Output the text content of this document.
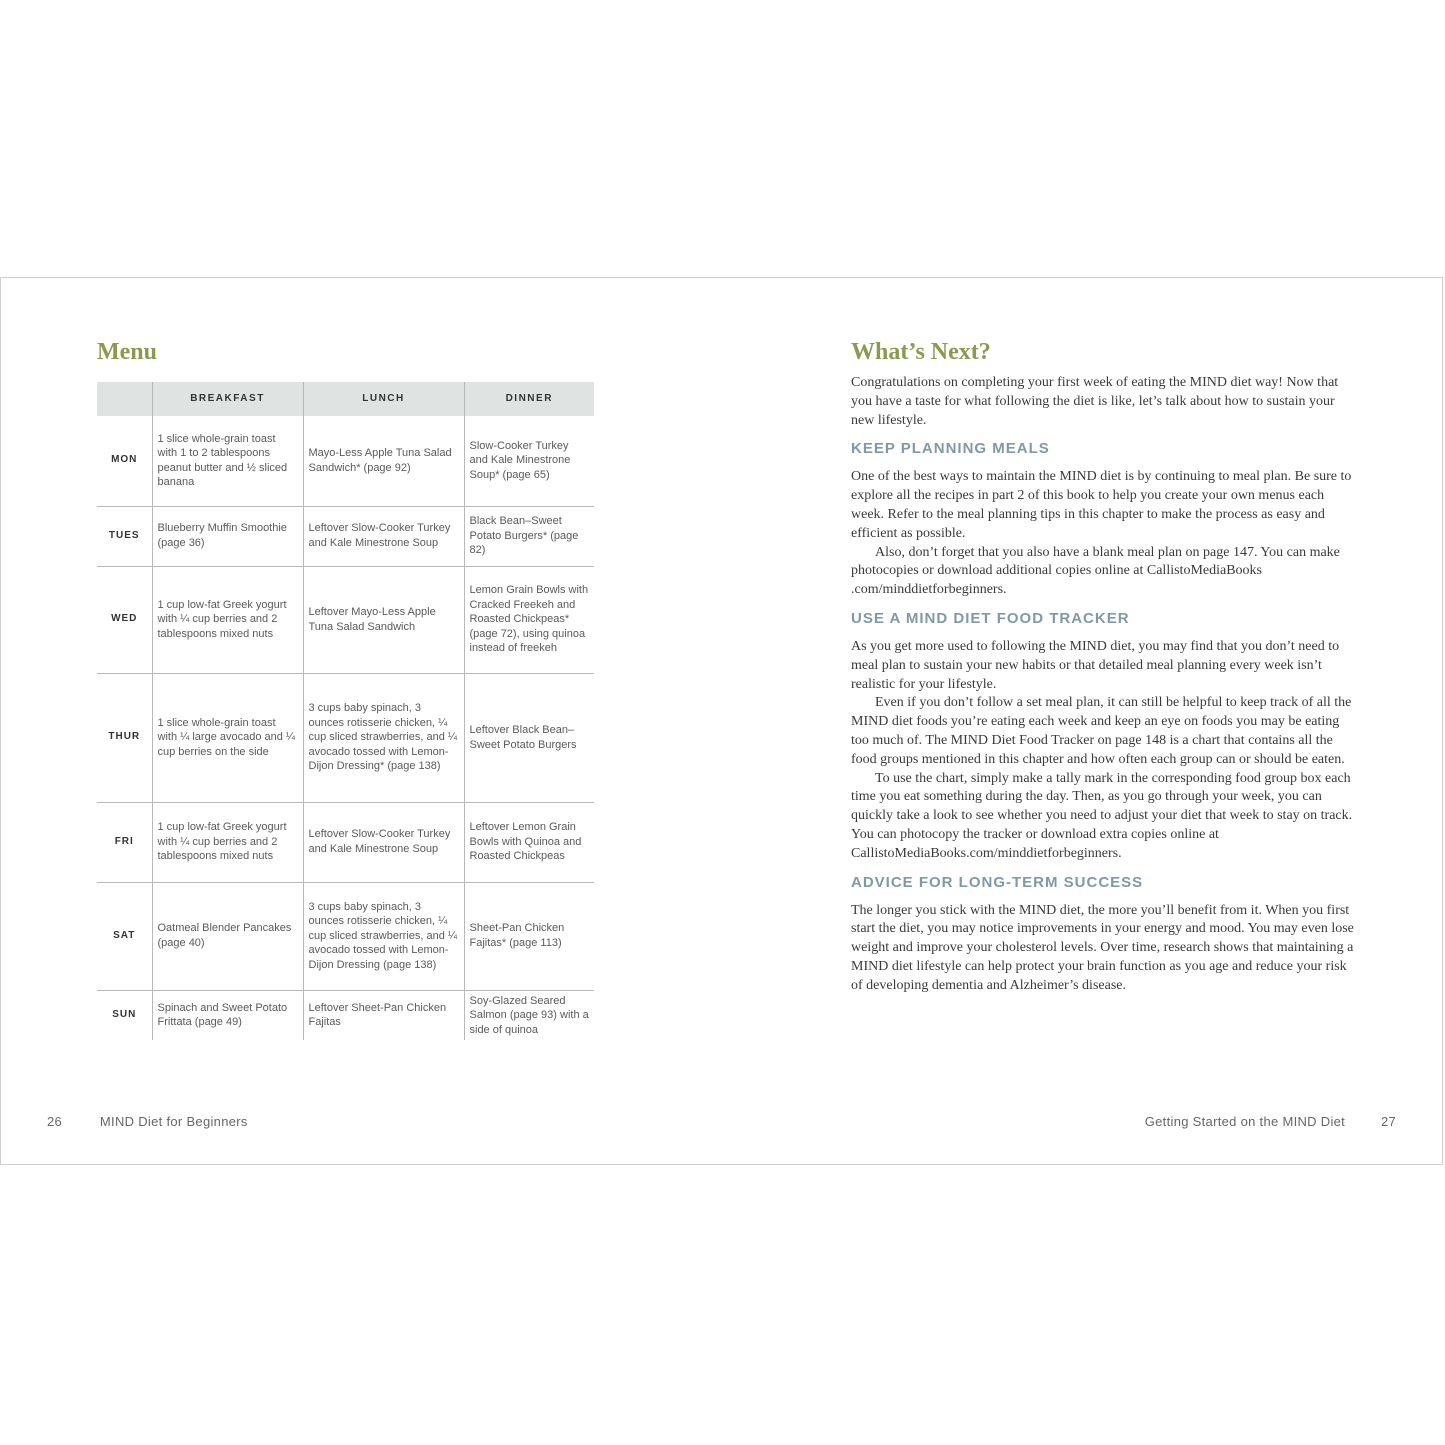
Menu
	BREAKFAST	LUNCH	DINNER
MON	1 slice whole-grain toast with 1 to 2 tablespoons peanut butter and ½ sliced banana	Mayo-Less Apple Tuna Salad Sandwich* (page 92)	Slow-Cooker Turkey and Kale Minestrone Soup* (page 65)
TUES	Blueberry Muffin Smoothie (page 36)	Leftover Slow-Cooker Turkey and Kale Minestrone Soup	Black Bean–Sweet Potato Burgers* (page 82)
WED	1 cup low-fat Greek yogurt with ¼ cup berries and 2 tablespoons mixed nuts	Leftover Mayo-Less Apple Tuna Salad Sandwich	Lemon Grain Bowls with Cracked Freekeh and Roasted Chickpeas* (page 72), using quinoa instead of freekeh
THUR	1 slice whole-grain toast with ¼ large avocado and ¼ cup berries on the side	3 cups baby spinach, 3 ounces rotisserie chicken, ¼ cup sliced strawberries, and ¼ avocado tossed with Lemon-Dijon Dressing* (page 138)	Leftover Black Bean–Sweet Potato Burgers
FRI	1 cup low-fat Greek yogurt with ¼ cup berries and 2 tablespoons mixed nuts	Leftover Slow-Cooker Turkey and Kale Minestrone Soup	Leftover Lemon Grain Bowls with Quinoa and Roasted Chickpeas
SAT	Oatmeal Blender Pancakes (page 40)	3 cups baby spinach, 3 ounces rotisserie chicken, ¼ cup sliced strawberries, and ¼ avocado tossed with Lemon-Dijon Dressing (page 138)	Sheet-Pan Chicken Fajitas* (page 113)
SUN	Spinach and Sweet Potato Frittata (page 49)	Leftover Sheet-Pan Chicken Fajitas	Soy-Glazed Seared Salmon (page 93) with a side of quinoa
26	MIND Diet for Beginners
What’s Next?

Congratulations on completing your first week of eating the MIND diet way! Now that you have a taste for what following the diet is like, let’s talk about how to sustain your new lifestyle.

KEEP PLANNING MEALS

One of the best ways to maintain the MIND diet is by continuing to meal plan. Be sure to explore all the recipes in part 2 of this book to help you create your own menus each week. Refer to the meal planning tips in this chapter to make the process as easy and efficient as possible.

Also, don’t forget that you also have a blank meal plan on page 147. You can make photocopies or download additional copies online at CallistoMediaBooks .com/minddietforbeginners.

USE A MIND DIET FOOD TRACKER

As you get more used to following the MIND diet, you may find that you don’t need to meal plan to sustain your new habits or that detailed meal planning every week isn’t realistic for your lifestyle.

Even if you don’t follow a set meal plan, it can still be helpful to keep track of all the MIND diet foods you’re eating each week and keep an eye on foods you may be eating too much of. The MIND Diet Food Tracker on page 148 is a chart that contains all the food groups mentioned in this chapter and how often each group can or should be eaten.

To use the chart, simply make a tally mark in the corresponding food group box each time you eat something during the day. Then, as you go through your week, you can quickly take a look to see whether you need to adjust your diet that week to stay on track. You can photocopy the tracker or download extra copies online at CallistoMediaBooks.com/minddietforbeginners.

ADVICE FOR LONG-TERM SUCCESS

The longer you stick with the MIND diet, the more you’ll benefit from it. When you first start the diet, you may notice improvements in your energy and mood. You may even lose weight and improve your cholesterol levels. Over time, research shows that maintaining a MIND diet lifestyle can help protect your brain function as you age and reduce your risk of developing dementia and Alzheimer’s disease.

Getting Started on the MIND Diet	27
